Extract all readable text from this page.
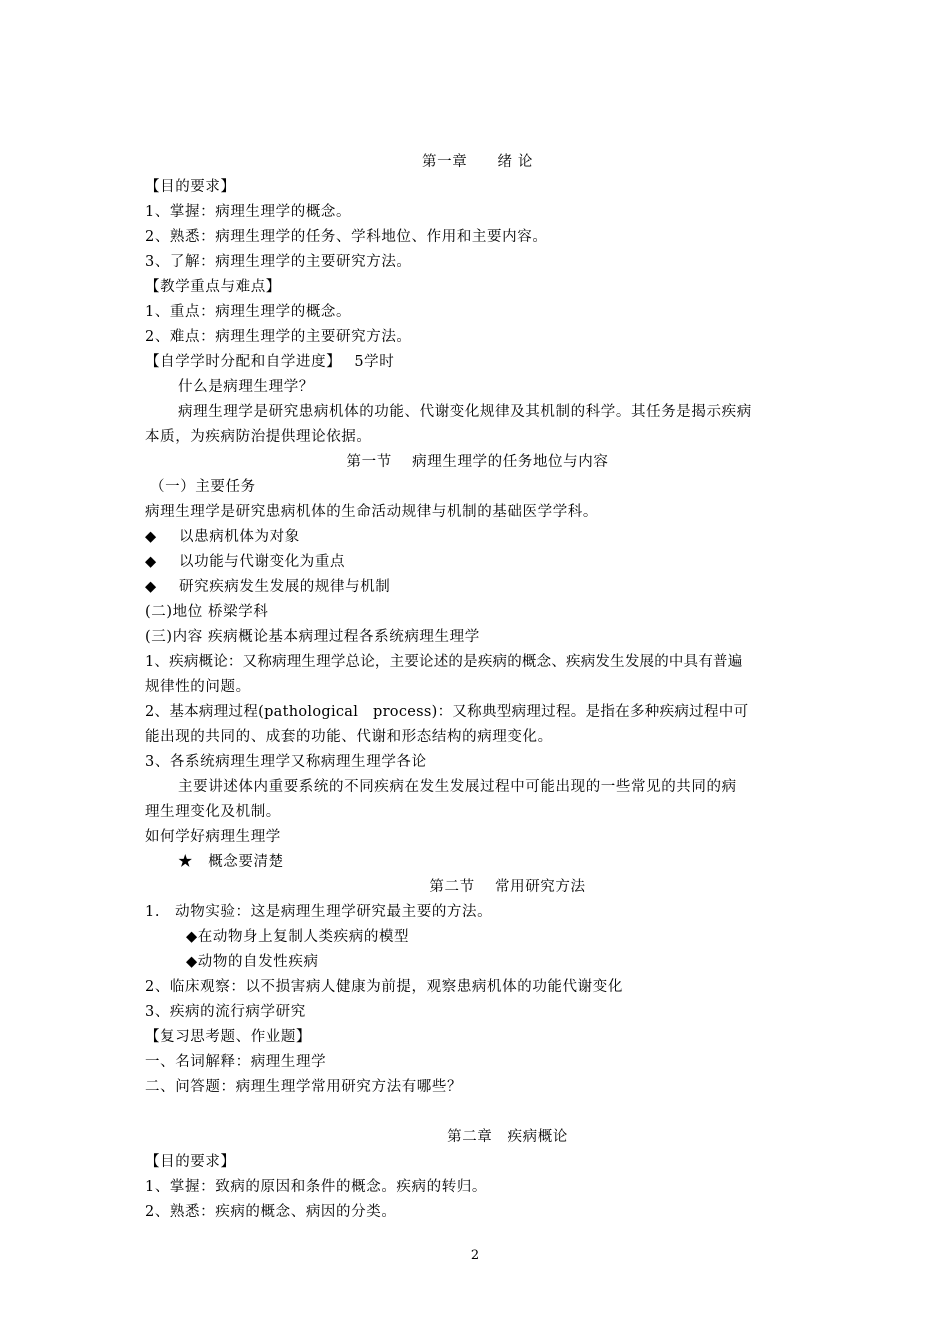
第一章　　绪 论
【目的要求】
1、掌握：病理生理学的概念。
2、熟悉：病理生理学的任务、学科地位、作用和主要内容。
3、了解：病理生理学的主要研究方法。
【教学重点与难点】
1、重点：病理生理学的概念。
2、难点：病理生理学的主要研究方法。
【自学学时分配和自学进度】　 5学时
什么是病理生理学？
病理生理学是研究患病机体的功能、代谢变化规律及其机制的科学。其任务是揭示疾病
本质，为疾病防治提供理论依据。
第一节　 病理生理学的任务地位与内容
（一）主要任务
病理生理学是研究患病机体的生命活动规律与机制的基础医学学科。
◆ 以患病机体为对象
◆ 以功能与代谢变化为重点
◆ 研究疾病发生发展的规律与机制
(二)地位 桥梁学科
(三)内容 疾病概论基本病理过程各系统病理生理学
1、疾病概论：又称病理生理学总论，主要论述的是疾病的概念、疾病发生发展的中具有普遍
规律性的问题。
2、基本病理过程(pathological　process)：又称典型病理过程。是指在多种疾病过程中可
能出现的共同的、成套的功能、代谢和形态结构的病理变化。
3、各系统病理生理学又称病理生理学各论
主要讲述体内重要系统的不同疾病在发生发展过程中可能出现的一些常见的共同的病
理生理变化及机制。
如何学好病理生理学
★　概念要清楚
第二节　 常用研究方法
1.　动物实验：这是病理生理学研究最主要的方法。
◆在动物身上复制人类疾病的模型
◆动物的自发性疾病
2、临床观察：以不损害病人健康为前提，观察患病机体的功能代谢变化
3、疾病的流行病学研究
【复习思考题、作业题】
一、名词解释：病理生理学
二、问答题：病理生理学常用研究方法有哪些？
第二章　疾病概论
【目的要求】
1、掌握：致病的原因和条件的概念。疾病的转归。
2、熟悉：疾病的概念、病因的分类。
2
